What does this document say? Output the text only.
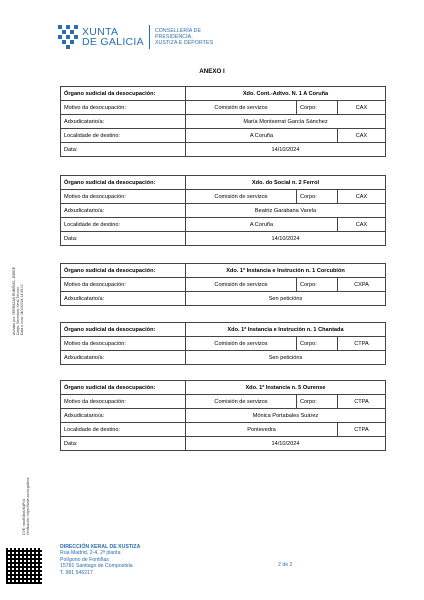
XUNTA
DE GALICIA
CONSELLERÍA DE
PRESIDENCIA,
XUSTIZA E DEPORTES
ANEXO I
Órgano xudicial da desocupación:	Xdo. Cont.-Adtvo. N. 1 A Coruña		
Motivo da desocupación:	Comisión de servizos	Corpo:	CAX
Adxudicatario/a:	María Montserrat García Sánchez		
Localidade de destino:	A Coruña		CAX
Data:	14/10/2024		
Órgano xudicial da desocupación:	Xdo. do Social n. 2 Ferrol		
Motivo da desocupación:	Comisión de servizos	Corpo:	CAX
Adxudicatario/a:	Beatriz Garabana Varela		
Localidade de destino:	A Coruña		CAX
Data:	14/10/2024		
Órgano xudicial da desocupación:	Xdo. 1ª Instancia e Instrución n. 1 Corcubión		
Motivo da desocupación:	Comisión de servizos	Corpo:	CXPA
Adxudicatario/a:	Sen peticións		
Órgano xudicial da desocupación:	Xdo. 1ª Instancia e Instrución n. 1 Chantada		
Motivo da desocupación:	Comisión de servizos	Corpo:	CTPA
Adxudicatario/a:	Sen peticións		
Órgano xudicial da desocupación:	Xdo. 1ª Instancia n. 5 Ourense		
Motivo da desocupación:	Comisión de servizos	Corpo:	CTPA
Adxudicatario/a:	Mónica Portabales Suárez		
Localidade de destino:	Pontevedra		CTPA
Data:	14/10/2024		
Asinado por: TERRAZAS RUBIÑOS, JORGE Cargo: Secretario Xeral Técnico Data e hora: 04/10/2024 14:39:10
CVE: mod91fbd0KqPv4 Verificación: https://sede.xunta.gal/cve
DIRECCIÓN XERAL DE XUSTIZA
Rúa Madrid, 2-4, 2ª planta
Polígono de Fontiñas
15781 Santiago de Compostela
T. 981 546217
2 de 2
